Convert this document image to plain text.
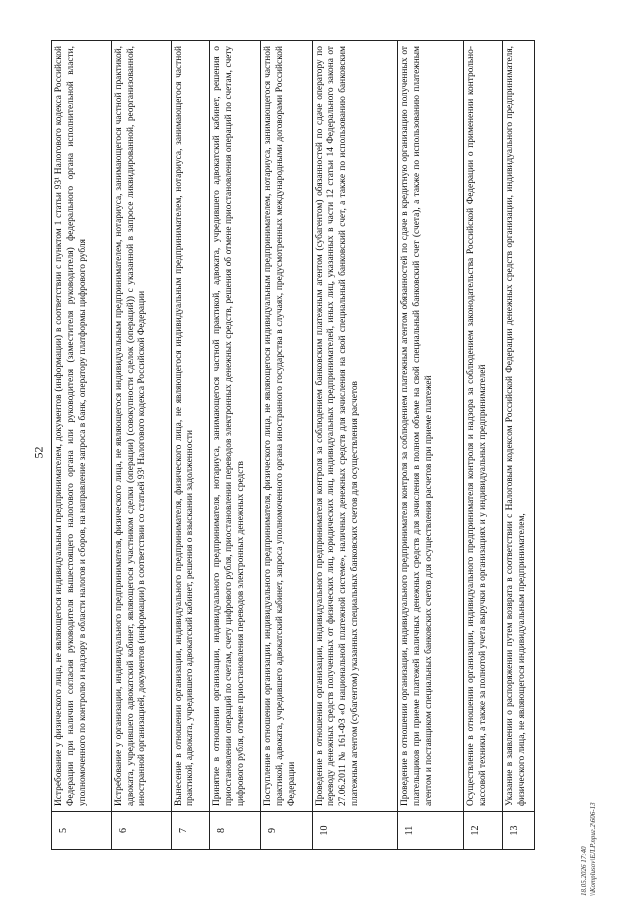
52
5	Истребование у физического лица, не являющегося индивидуальным предпринимателем, документов (информации) в соответствии с пунктом 1 статьи 93¹ Налогового кодекса Российской Федерации при наличии согласия руководителя вышестоящего налогового органа или руководителя (заместителя руководителя) федерального органа исполнительной власти, уполномоченного по контролю и надзору в области налогов и сборов, на направление запроса в банк, оператору платформы цифрового рубля
6	Истребование у организации, индивидуального предпринимателя, физического лица, не являющегося индивидуальным предпринимателем, нотариуса, занимающегося частной практикой, адвоката, учредившего адвокатский кабинет, являющегося участником сделки (операции) (совокупности сделок (операций)) с указанной в запросе ликвидированной, реорганизованной, иностранной организацией, документов (информации) в соответствии со статьей 93¹ Налогового кодекса Российской Федерации
7	Вынесение в отношении организации, индивидуального предпринимателя, физического лица, не являющегося индивидуальным предпринимателем, нотариуса, занимающегося частной практикой, адвоката, учредившего адвокатский кабинет, решения о взыскании задолженности
8	Принятие в отношении организации, индивидуального предпринимателя, нотариуса, занимающегося частной практикой, адвоката, учредившего адвокатский кабинет, решения о приостановлении операций по счетам, счету цифрового рубля, приостановлении переводов электронных денежных средств, решения об отмене приостановления операций по счетам, счету цифрового рубля, отмене приостановления переводов электронных денежных средств
9	Поступление в отношении организации, индивидуального предпринимателя, физического лица, не являющегося индивидуальным предпринимателем, нотариуса, занимающегося частной практикой, адвоката, учредившего адвокатский кабинет, запроса уполномоченного органа иностранного государства в случаях, предусмотренных международными договорами Российской Федерации
10	Проведение в отношении организации, индивидуального предпринимателя контроля за соблюдением банковским платежным агентом (субагентом) обязанностей по сдаче оператору по переводу денежных средств полученных от физических лиц, юридических лиц, индивидуальных предпринимателей, иных лиц, указанных в части 12 статьи 14 Федерального закона от 27.06.2011 № 161-ФЗ «О национальной платежной системе», наличных денежных средств для зачисления на свой специальный банковский счет, а также по использованию банковским платежным агентом (субагентом) указанных специальных банковских счетов для осуществления расчетов
11	Проведение в отношении организации, индивидуального предпринимателя контроля за соблюдением платежным агентом обязанностей по сдаче в кредитную организацию полученных от плательщиков при приеме платежей наличных денежных средств для зачисления в полном объеме на свой специальный банковский счет (счета), а также по использованию платежным агентом и поставщиком специальных банковских счетов для осуществления расчетов при приеме платежей
12	Осуществление в отношении организации, индивидуального предпринимателя контроля и надзора за соблюдением законодательства Российской Федерации о применении контрольно-кассовой техники, а также за полнотой учета выручки в организациях и у индивидуальных предпринимателей
13	Указание в заявлении о распоряжении путем возврата в соответствии с Налоговым кодексом Российской Федерации денежных средств организации, индивидуального предпринимателя, физического лица, не являющегося индивидуальным предпринимателем,
18.05.2026 17:40 \\Komplusov\ЕЛ.Р.приг.2\606-13
